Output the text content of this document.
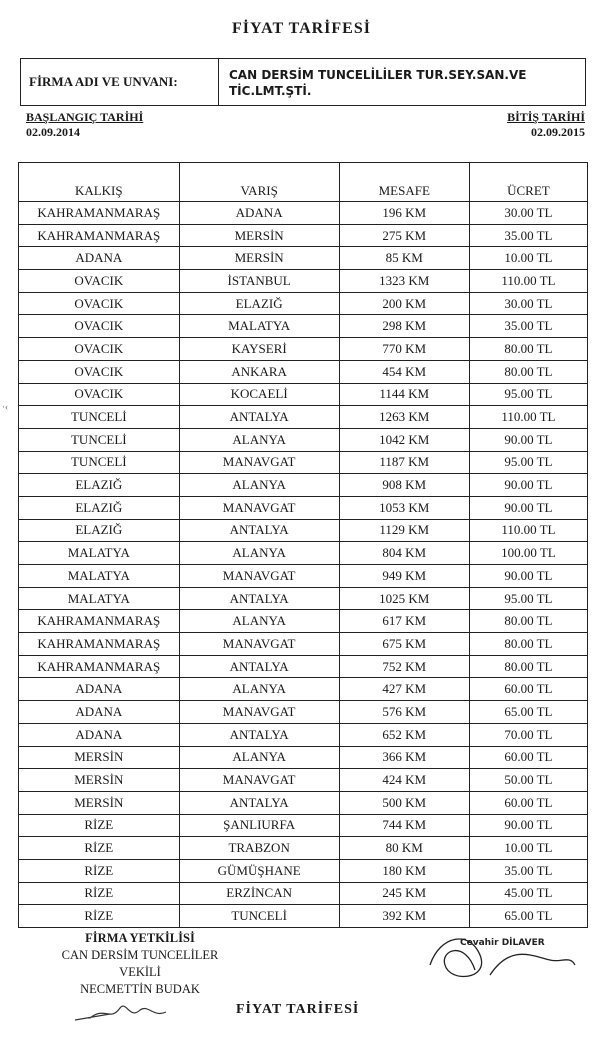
FİYAT TARİFESİ
FİRMA ADI VE UNVANI:	CAN DERSİM TUNCELİLİLER TUR.SEY.SAN.VE
TİC.LMT.ŞTİ.
BAŞLANGIÇ TARİHİ
02.09.2014
BİTİŞ TARİHİ
02.09.2015
·‹
KALKIŞ	VARIŞ	MESAFE	ÜCRET
KAHRAMANMARAŞ	ADANA	196 KM	30.00 TL
KAHRAMANMARAŞ	MERSİN	275 KM	35.00 TL
ADANA	MERSİN	85 KM	10.00 TL
OVACIK	İSTANBUL	1323 KM	110.00 TL
OVACIK	ELAZIĞ	200 KM	30.00 TL
OVACIK	MALATYA	298 KM	35.00 TL
OVACIK	KAYSERİ	770 KM	80.00 TL
OVACIK	ANKARA	454 KM	80.00 TL
OVACIK	KOCAELİ	1144 KM	95.00 TL
TUNCELİ	ANTALYA	1263 KM	110.00 TL
TUNCELİ	ALANYA	1042 KM	90.00 TL
TUNCELİ	MANAVGAT	1187 KM	95.00 TL
ELAZIĞ	ALANYA	908 KM	90.00 TL
ELAZIĞ	MANAVGAT	1053 KM	90.00 TL
ELAZIĞ	ANTALYA	1129 KM	110.00 TL
MALATYA	ALANYA	804 KM	100.00 TL
MALATYA	MANAVGAT	949 KM	90.00 TL
MALATYA	ANTALYA	1025 KM	95.00 TL
KAHRAMANMARAŞ	ALANYA	617 KM	80.00 TL
KAHRAMANMARAŞ	MANAVGAT	675 KM	80.00 TL
KAHRAMANMARAŞ	ANTALYA	752 KM	80.00 TL
ADANA	ALANYA	427 KM	60.00 TL
ADANA	MANAVGAT	576 KM	65.00 TL
ADANA	ANTALYA	652 KM	70.00 TL
MERSİN	ALANYA	366 KM	60.00 TL
MERSİN	MANAVGAT	424 KM	50.00 TL
MERSİN	ANTALYA	500 KM	60.00 TL
RİZE	ŞANLIURFA	744 KM	90.00 TL
RİZE	TRABZON	80 KM	10.00 TL
RİZE	GÜMÜŞHANE	180 KM	35.00 TL
RİZE	ERZİNCAN	245 KM	45.00 TL
RİZE	TUNCELİ	392 KM	65.00 TL
FİRMA YETKİLİSİ
CAN DERSİM TUNCELİLER
VEKİLİ
NECMETTİN BUDAK
Cevahir DİLAVER
FİYAT TARİFESİ
